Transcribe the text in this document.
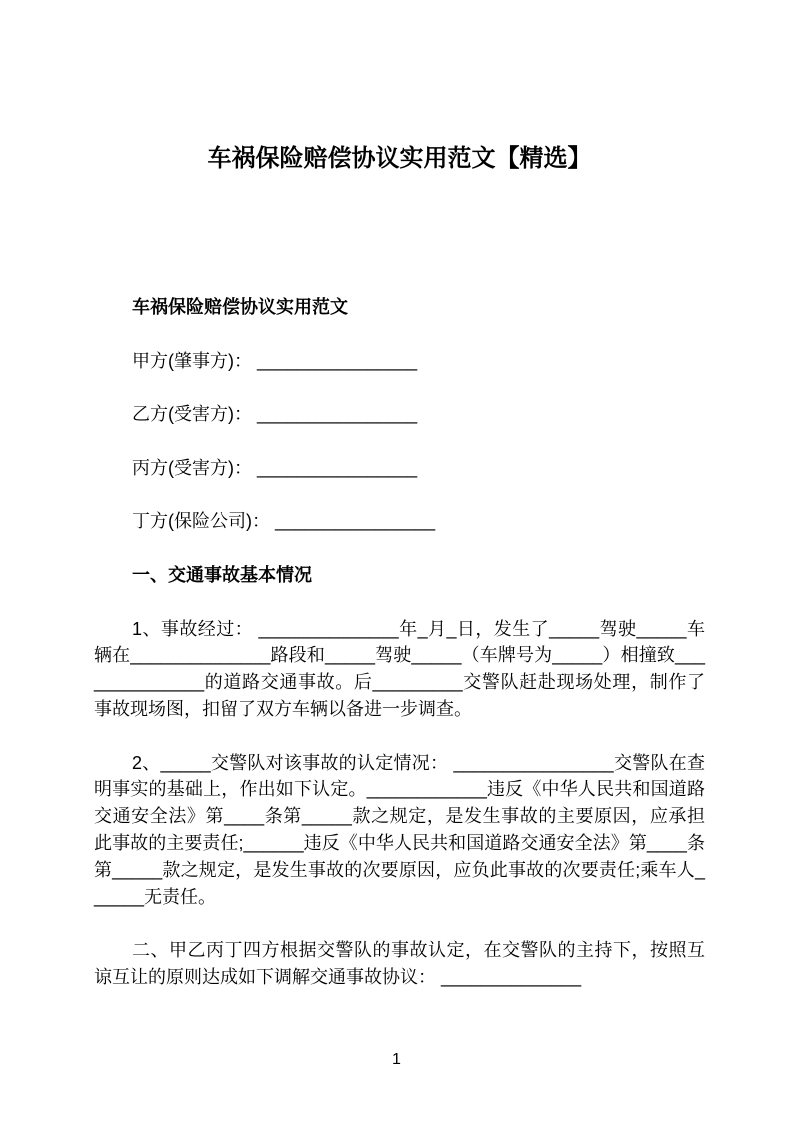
车祸保险赔偿协议实用范文【精选】

车祸保险赔偿协议实用范文

甲方(肇事方)： ________________

乙方(受害方)： ________________

丙方(受害方)： ________________

丁方(保险公司)： ________________

一、交通事故基本情况

1、事故经过： ______________年_月_日，发生了_____驾驶_____车辆在______________路段和_____驾驶_____（车牌号为_____）相撞致______________的道路交通事故。后_________交警队赶赴现场处理，制作了事故现场图，扣留了双方车辆以备进一步调查。

2、_____交警队对该事故的认定情况： ________________交警队在查明事实的基础上，作出如下认定。____________违反《中华人民共和国道路交通安全法》第____条第_____款之规定，是发生事故的主要原因，应承担此事故的主要责任;______违反《中华人民共和国道路交通安全法》第____条第_____款之规定，是发生事故的次要原因，应负此事故的次要责任;乘车人______无责任。

二、甲乙丙丁四方根据交警队的事故认定，在交警队的主持下，按照互谅互让的原则达成如下调解交通事故协议： ______________

1
